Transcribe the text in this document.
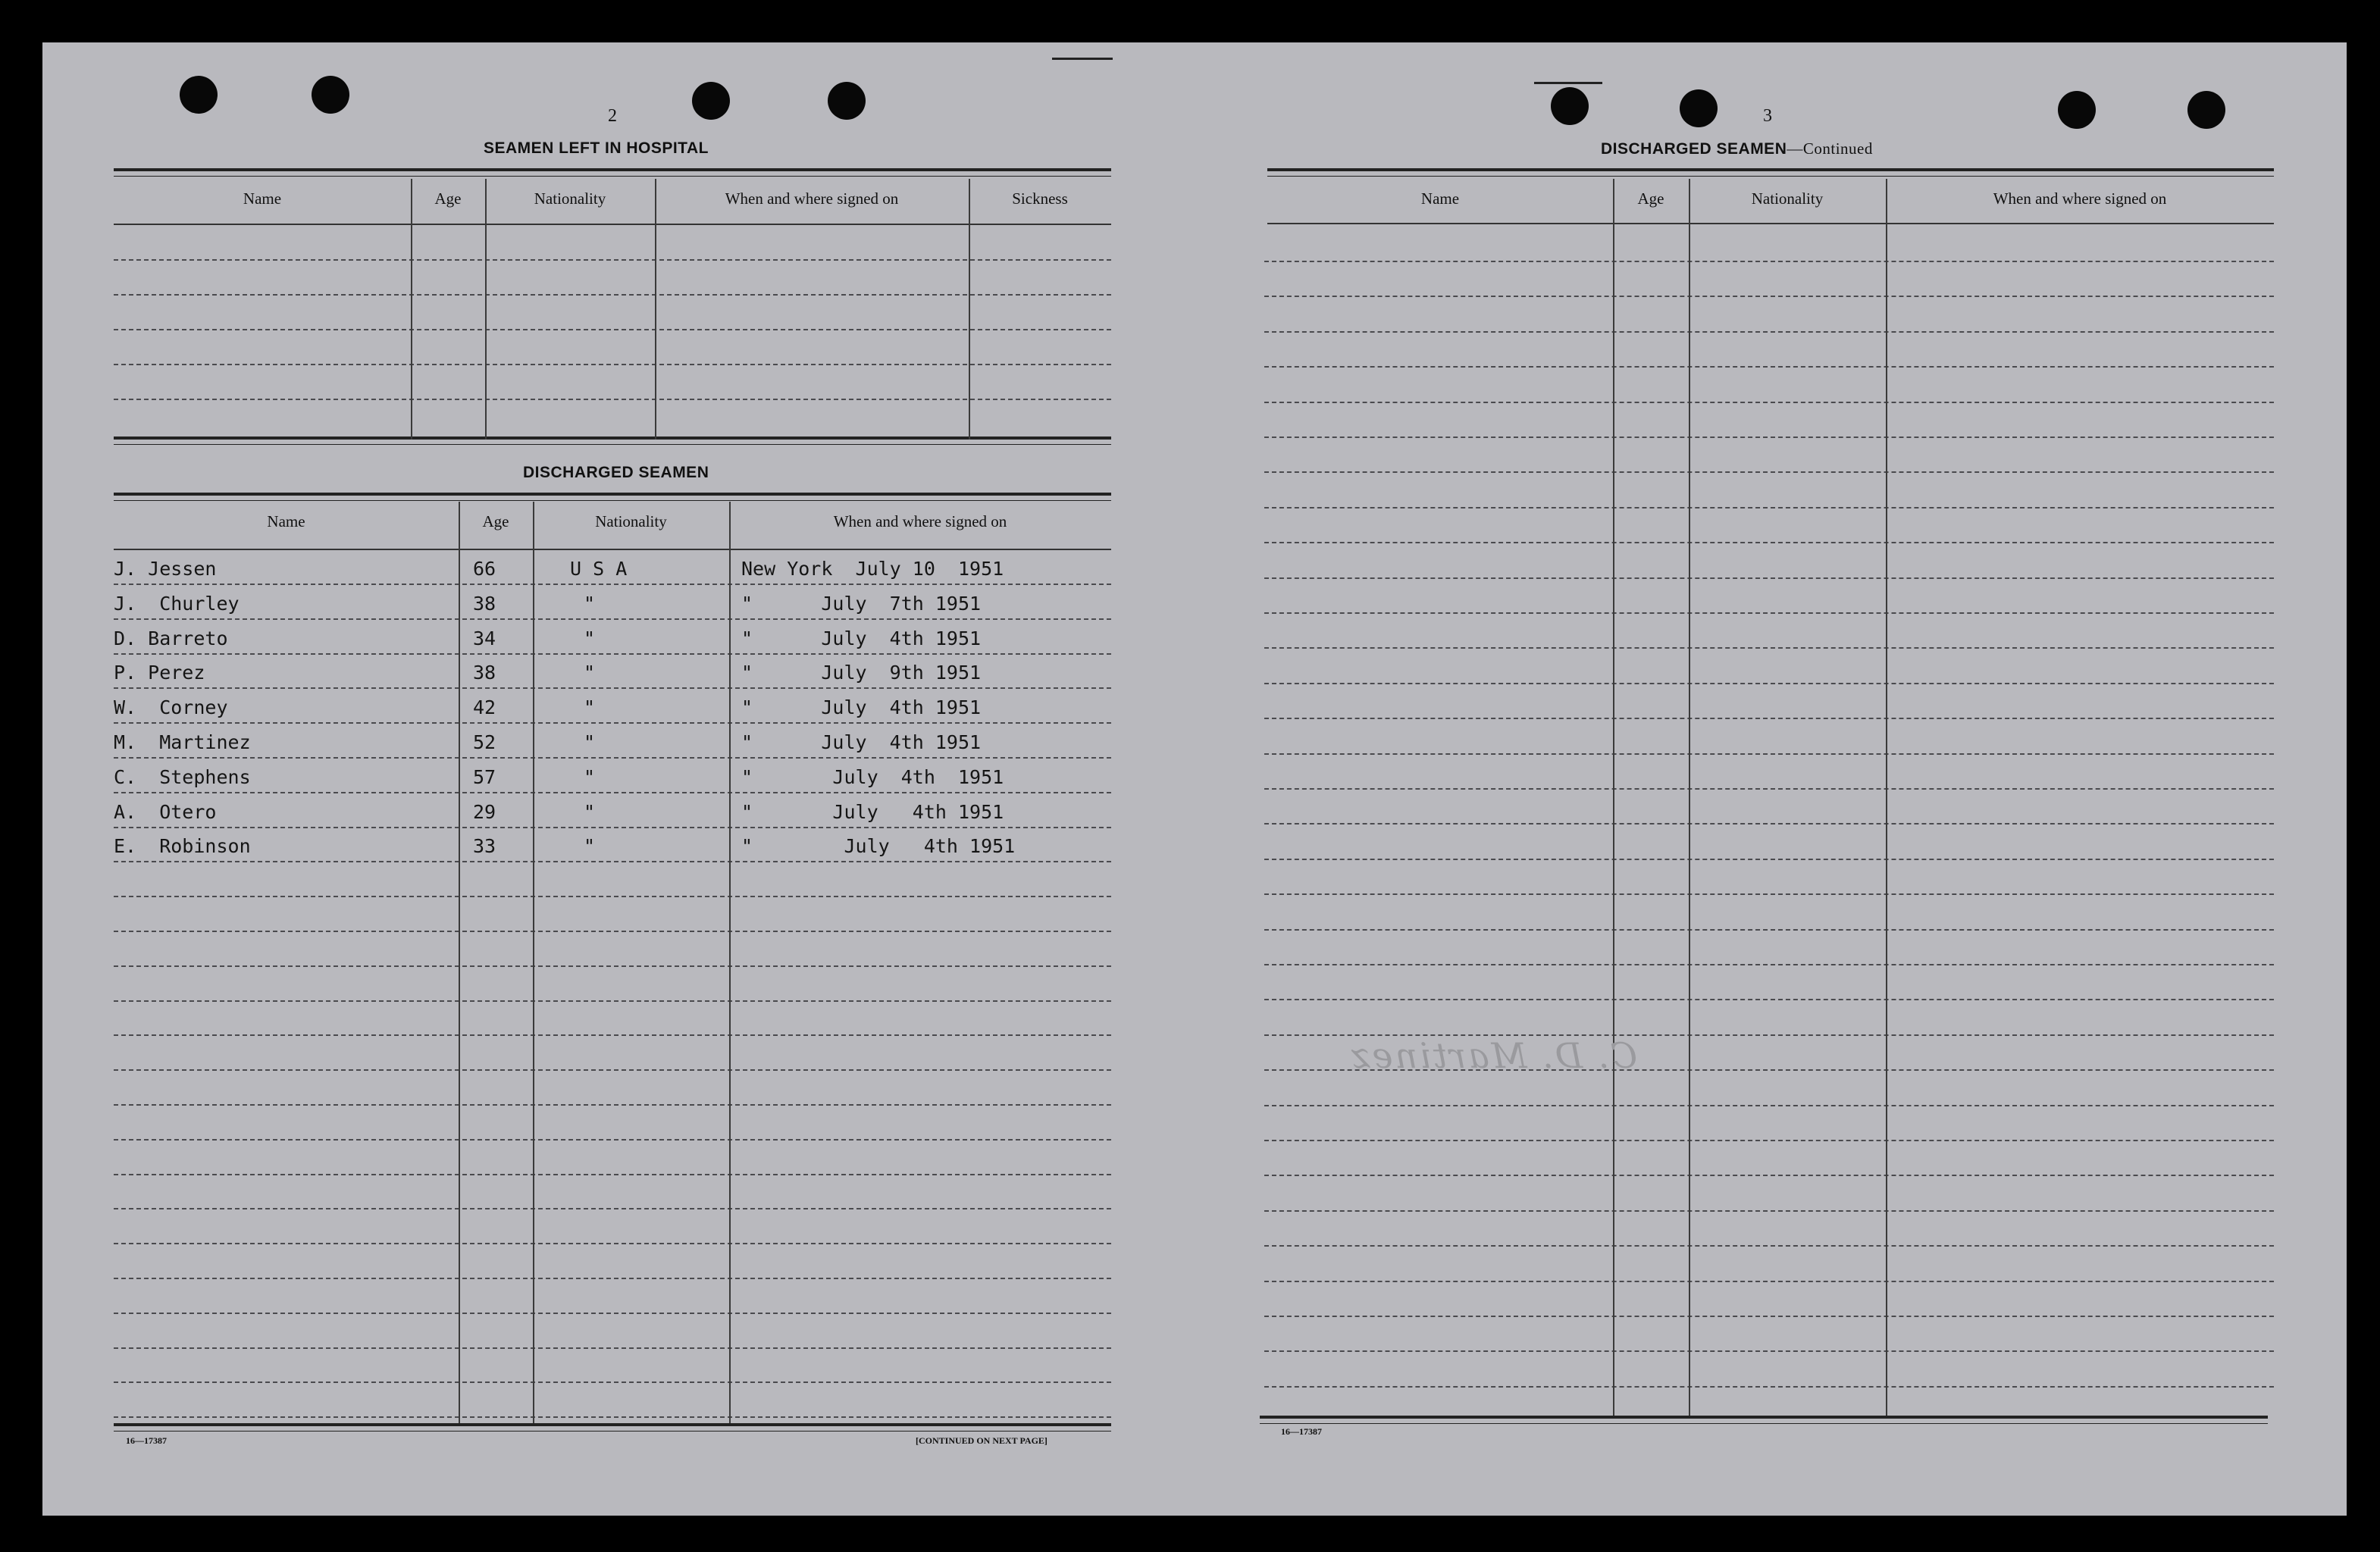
2
SEAMEN LEFT IN HOSPITAL
Name	Age	Nationality	When and where signed on	Sickness
DISCHARGED SEAMEN
Name	Age	Nationality	When and where signed on
J. Jessen	66	U S A	New York  July 10  1951
J.  Churley	38	"	"      July  7th 1951
D. Barreto	34	"	"      July  4th 1951
P. Perez	38	"	"      July  9th 1951
W.  Corney	42	"	"      July  4th 1951
M.  Martinez	52	"	"      July  4th 1951
C.  Stephens	57	"	"       July  4th  1951
A.  Otero	29	"	"       July   4th 1951
E.  Robinson	33	"	"        July   4th 1951
16—17387	[CONTINUED ON NEXT PAGE]
3
DISCHARGED SEAMEN—Continued
Name	Age	Nationality	When and where signed on
C. D. Martinez
16—17387
